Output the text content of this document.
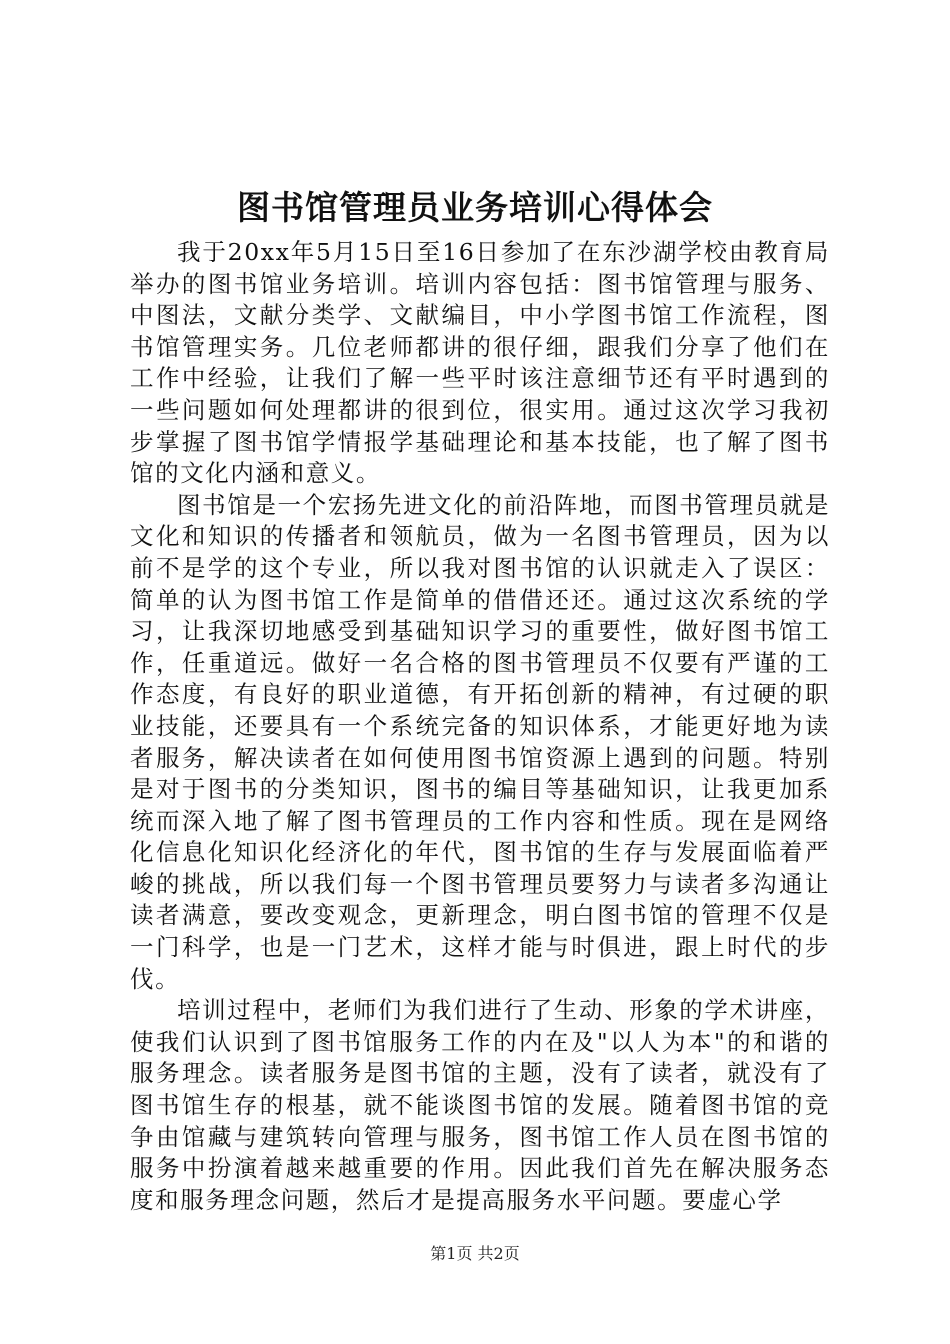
图书馆管理员业务培训心得体会

我于20xx年5月15日至16日参加了在东沙湖学校由教育局举办的图书馆业务培训。培训内容包括：图书馆管理与服务、中图法，文献分类学、文献编目，中小学图书馆工作流程，图书馆管理实务。几位老师都讲的很仔细，跟我们分享了他们在工作中经验，让我们了解一些平时该注意细节还有平时遇到的一些问题如何处理都讲的很到位，很实用。通过这次学习我初步掌握了图书馆学情报学基础理论和基本技能，也了解了图书馆的文化内涵和意义。

图书馆是一个宏扬先进文化的前沿阵地，而图书管理员就是文化和知识的传播者和领航员，做为一名图书管理员，因为以前不是学的这个专业，所以我对图书馆的认识就走入了误区：简单的认为图书馆工作是简单的借借还还。通过这次系统的学习，让我深切地感受到基础知识学习的重要性，做好图书馆工作，任重道远。做好一名合格的图书管理员不仅要有严谨的工作态度，有良好的职业道德，有开拓创新的精神，有过硬的职业技能，还要具有一个系统完备的知识体系，才能更好地为读者服务，解决读者在如何使用图书馆资源上遇到的问题。特别是对于图书的分类知识，图书的编目等基础知识，让我更加系统而深入地了解了图书管理员的工作内容和性质。现在是网络化信息化知识化经济化的年代，图书馆的生存与发展面临着严峻的挑战，所以我们每一个图书管理员要努力与读者多沟通让读者满意，要改变观念，更新理念，明白图书馆的管理不仅是一门科学，也是一门艺术，这样才能与时俱进，跟上时代的步伐。

培训过程中，老师们为我们进行了生动、形象的学术讲座，使我们认识到了图书馆服务工作的内在及"以人为本"的和谐的服务理念。读者服务是图书馆的主题，没有了读者，就没有了图书馆生存的根基，就不能谈图书馆的发展。随着图书馆的竞争由馆藏与建筑转向管理与服务，图书馆工作人员在图书馆的服务中扮演着越来越重要的作用。因此我们首先在解决服务态度和服务理念问题，然后才是提高服务水平问题。要虚心学

第1页 共2页
